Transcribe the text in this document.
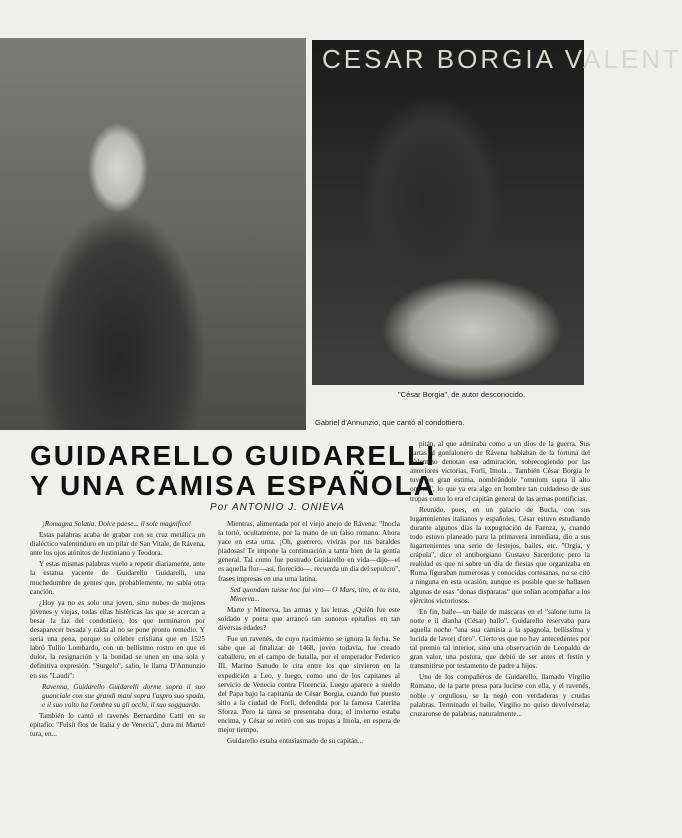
CESAR BORGIA VALENT
"César Borgia", de autor desconocido.
Gabriel d'Annunzio, que cantó al condottiero.
GUIDARELLO GUIDARELLI
Y UNA CAMISA ESPAÑOLA
Por ANTONIO J. ONIEVA

¡Romagna Solatia. Dolce paese... il sole magnifico!

Estas palabras acaba de grabar con su cruz metálica un dialéctico valentinduro en un pilar de San Vitale, de Rávena, ante los ojos atónitos de Justiniano y Teodora.

Y estas mismas palabras vuelo a repetir diariamente, ante la estatua yacente de Guidarello Guidarelli, una muchedumbre de gentes que, probablemente, no sabía otra canción.

¿Hoy ya no es solo una joven, sino nubes de mujeres jóvenes y viejas, todas ellas histéricas las que se acercan a besar la faz del condottiero, los que terminaron por desaparecer besada y raída al no se pone pronto remedio. Y sería una pena, porque su célebre cristiana que en 1525 labró Tullio Lombardo, con un bellísimo rostro en que el dolor, la resignación y la bondad se unen en una sola y definitiva expresión. "Surgelo", salio, le llama D'Annunzio en sus "Laudi":

Ravenna, Guidarello Guidarelli dorme sopra il suo guanciale con sue grandi mani sopra l'aspro suo spada, e il suo volto ha l'ombra su gli occhi, il suo sogguardo.

También lo cantó el ravenés Bernardino Catti en su epitafio: "Fulsit flos de Italia y de Venecia", dura mi Martel tura, en...

Mientras, alimentada por el viejo anejo de Rávena: "Inocla la tortó, ocultamente, por la mano de un falso romano. Ahora yace en esta urna. ¡Oh, guerrero, vivirás por tus baraldes piadosas! Te impone la continuación a tanta bien de la gentía general. Tal como fue postrado Guidarello en vida—dijo—el es aquella flor—así, florecido—. recuerda un día del sepulcro", frases impresas en una urna latina.

Sed quondam tuisse hoc fui viro— O Mars, tiro, et tu ista, Minerva...

Marte y Minerva, las armas y las letras. ¿Quién fue este soldado y poeta que arrancó tan sonoros epitafios en tan diversas edades?

Fue un ravenés, de cuyo nacimiento se ignora la fecha. Se sabe que al finalizar de 1468, joven todavía, fue creado caballero, en el campo de batalla, por el emperador Federico III. Marino Sanudo le cita entre los que sirvieron en la expedición a Leo, y luego, como uno de los capitanes al servicio de Venecia contra Florencia. Luego aparece a sueldo del Papa bajo la capitanía de César Borgia, cuando fue puesto sitio a la ciudad de Forlí, defendida por la famosa Caterina Sforza. Pero la tarea se presentaba dura; el invierno estaba encima, y César se retiró con sus tropas a Imola, en espera de mejor tiempo.

Guidarello estaba entusiasmado de su capitán...

pitán, al que admiraba como a un dios de la guerra. Sus cartas al gonfalonero de Rávena hablaban de la fortuna del Valentino denotan esa admiración, sobrecogiendo por las anteriores victorias, Forlí, Imola... También César Borgia le tuvo en gran estima, nombrándole "omnium supra il alto omenti", lo que ya era algo en hombre tan cuidadoso de sus tropas como lo era el capitán general de las armas pontificias.

Reunido, pues, en un palacio de Bucla, con sus lugartenientes italianos y españoles, César estuvo estudiando durante algunos días la expugnación de Faenza, y, cuando todo estuvo planeado para la primavera inmediata, dio a sus lugartenientes una serie de festejos, bailes, etc. "Orgía, y crápula", dice el antiborgiano Gustavo Sacerdote; pero la realidad es que ni sobre un día de fiestas que organizaba en Roma figuraban numerosas y conocidas cortesanas, no se citó a ninguna en esta ocasión, aunque es posible que se hallasen algunas de esas "donas disparatas" que solían acompañar a los ejércitos victoriosos.

En fin, baile—un baile de máscaras en el "salone tutto la notte e il dianha (César) ballo". Guidarello reservaba para aquella noche "una sua camisia a la spagnola, bellissima y lucida de lavori d'oro". Cierto es que no hay antecedentes por tal premio tal interior, sino una observación de Leopaldo de gran valor, una postura, que debió de ser antes el festín y transmitirse por testamento de padre a hijos.

Uno de los compañeros de Guidarello, llamado Virgilio Romano, de la parte presa para lucirse con ella, y el ravenés, noble y orgulloso, se la negó con verdaderas y crudas palabras. Terminado el baile, Virgilio no quiso devolvérsela; cruzaronse de palabras, naturalmente...
